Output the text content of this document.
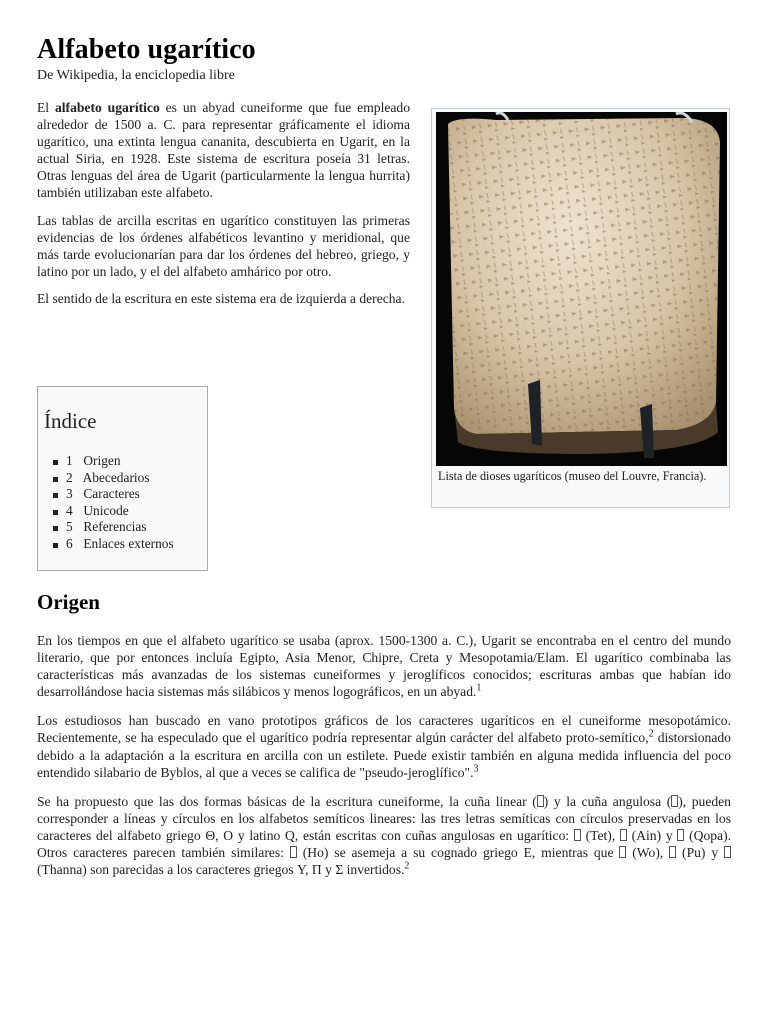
Alfabeto ugarítico
De Wikipedia, la enciclopedia libre

El alfabeto ugarítico es un abyad cuneiforme que fue empleado alrededor de 1500 a. C. para representar gráficamente el idioma ugarítico, una extinta lengua cananita, descubierta en Ugarit, en la actual Siria, en 1928. Este sistema de escritura poseía 31 letras. Otras lenguas del área de Ugarit (particularmente la lengua hurrita) también utilizaban este alfabeto.

Las tablas de arcilla escritas en ugarítico constituyen las primeras evidencias de los órdenes alfabéticos levantino y meridional, que más tarde evolucionarían para dar los órdenes del hebreo, griego, y latino por un lado, y el del alfabeto amhárico por otro.

El sentido de la escritura en este sistema era de izquierda a derecha.

Lista de dioses ugaríticos (museo del Louvre, Francia).
Índice
1 Origen
2 Abecedarios
3 Caracteres
4 Unicode
5 Referencias
6 Enlaces externos
Origen

En los tiempos en que el alfabeto ugarítico se usaba (aprox. 1500-1300 a. C.), Ugarit se encontraba en el centro del mundo literario, que por entonces incluía Egipto, Asia Menor, Chipre, Creta y Mesopotamia/Elam. El ugarítico combinaba las características más avanzadas de los sistemas cuneiformes y jeroglíficos conocidos; escrituras ambas que habían ido desarrollándose hacia sistemas más silábicos y menos logográficos, en un abyad.$^1$

Los estudiosos han buscado en vano prototipos gráficos de los caracteres ugaríticos en el cuneiforme mesopotámico. Recientemente, se ha especulado que el ugarítico podría representar algún carácter del alfabeto proto-semítico,$^2$ distorsionado debido a la adaptación a la escritura en arcilla con un estilete. Puede existir también en alguna medida influencia del poco entendido silabario de Byblos, al que a veces se califica de "pseudo-jeroglífico".$^3$

Se ha propuesto que las dos formas básicas de la escritura cuneiforme, la cuña linear ( ) y la cuña angulosa ( ), pueden corresponder a líneas y círculos en los alfabetos semíticos lineares: las tres letras semíticas con círculos preservadas en los caracteres del alfabeto griego Θ, O y latino Q, están escritas con cuñas angulosas en ugarítico:  (Tet),  (Ain) y  (Qopa). Otros caracteres parecen también similares:  (Ho) se asemeja a su cognado griego E, mientras que  (Wo),  (Pu) y  (Thanna) son parecidas a los caracteres griegos Υ, Π y Σ invertidos.$^2$
